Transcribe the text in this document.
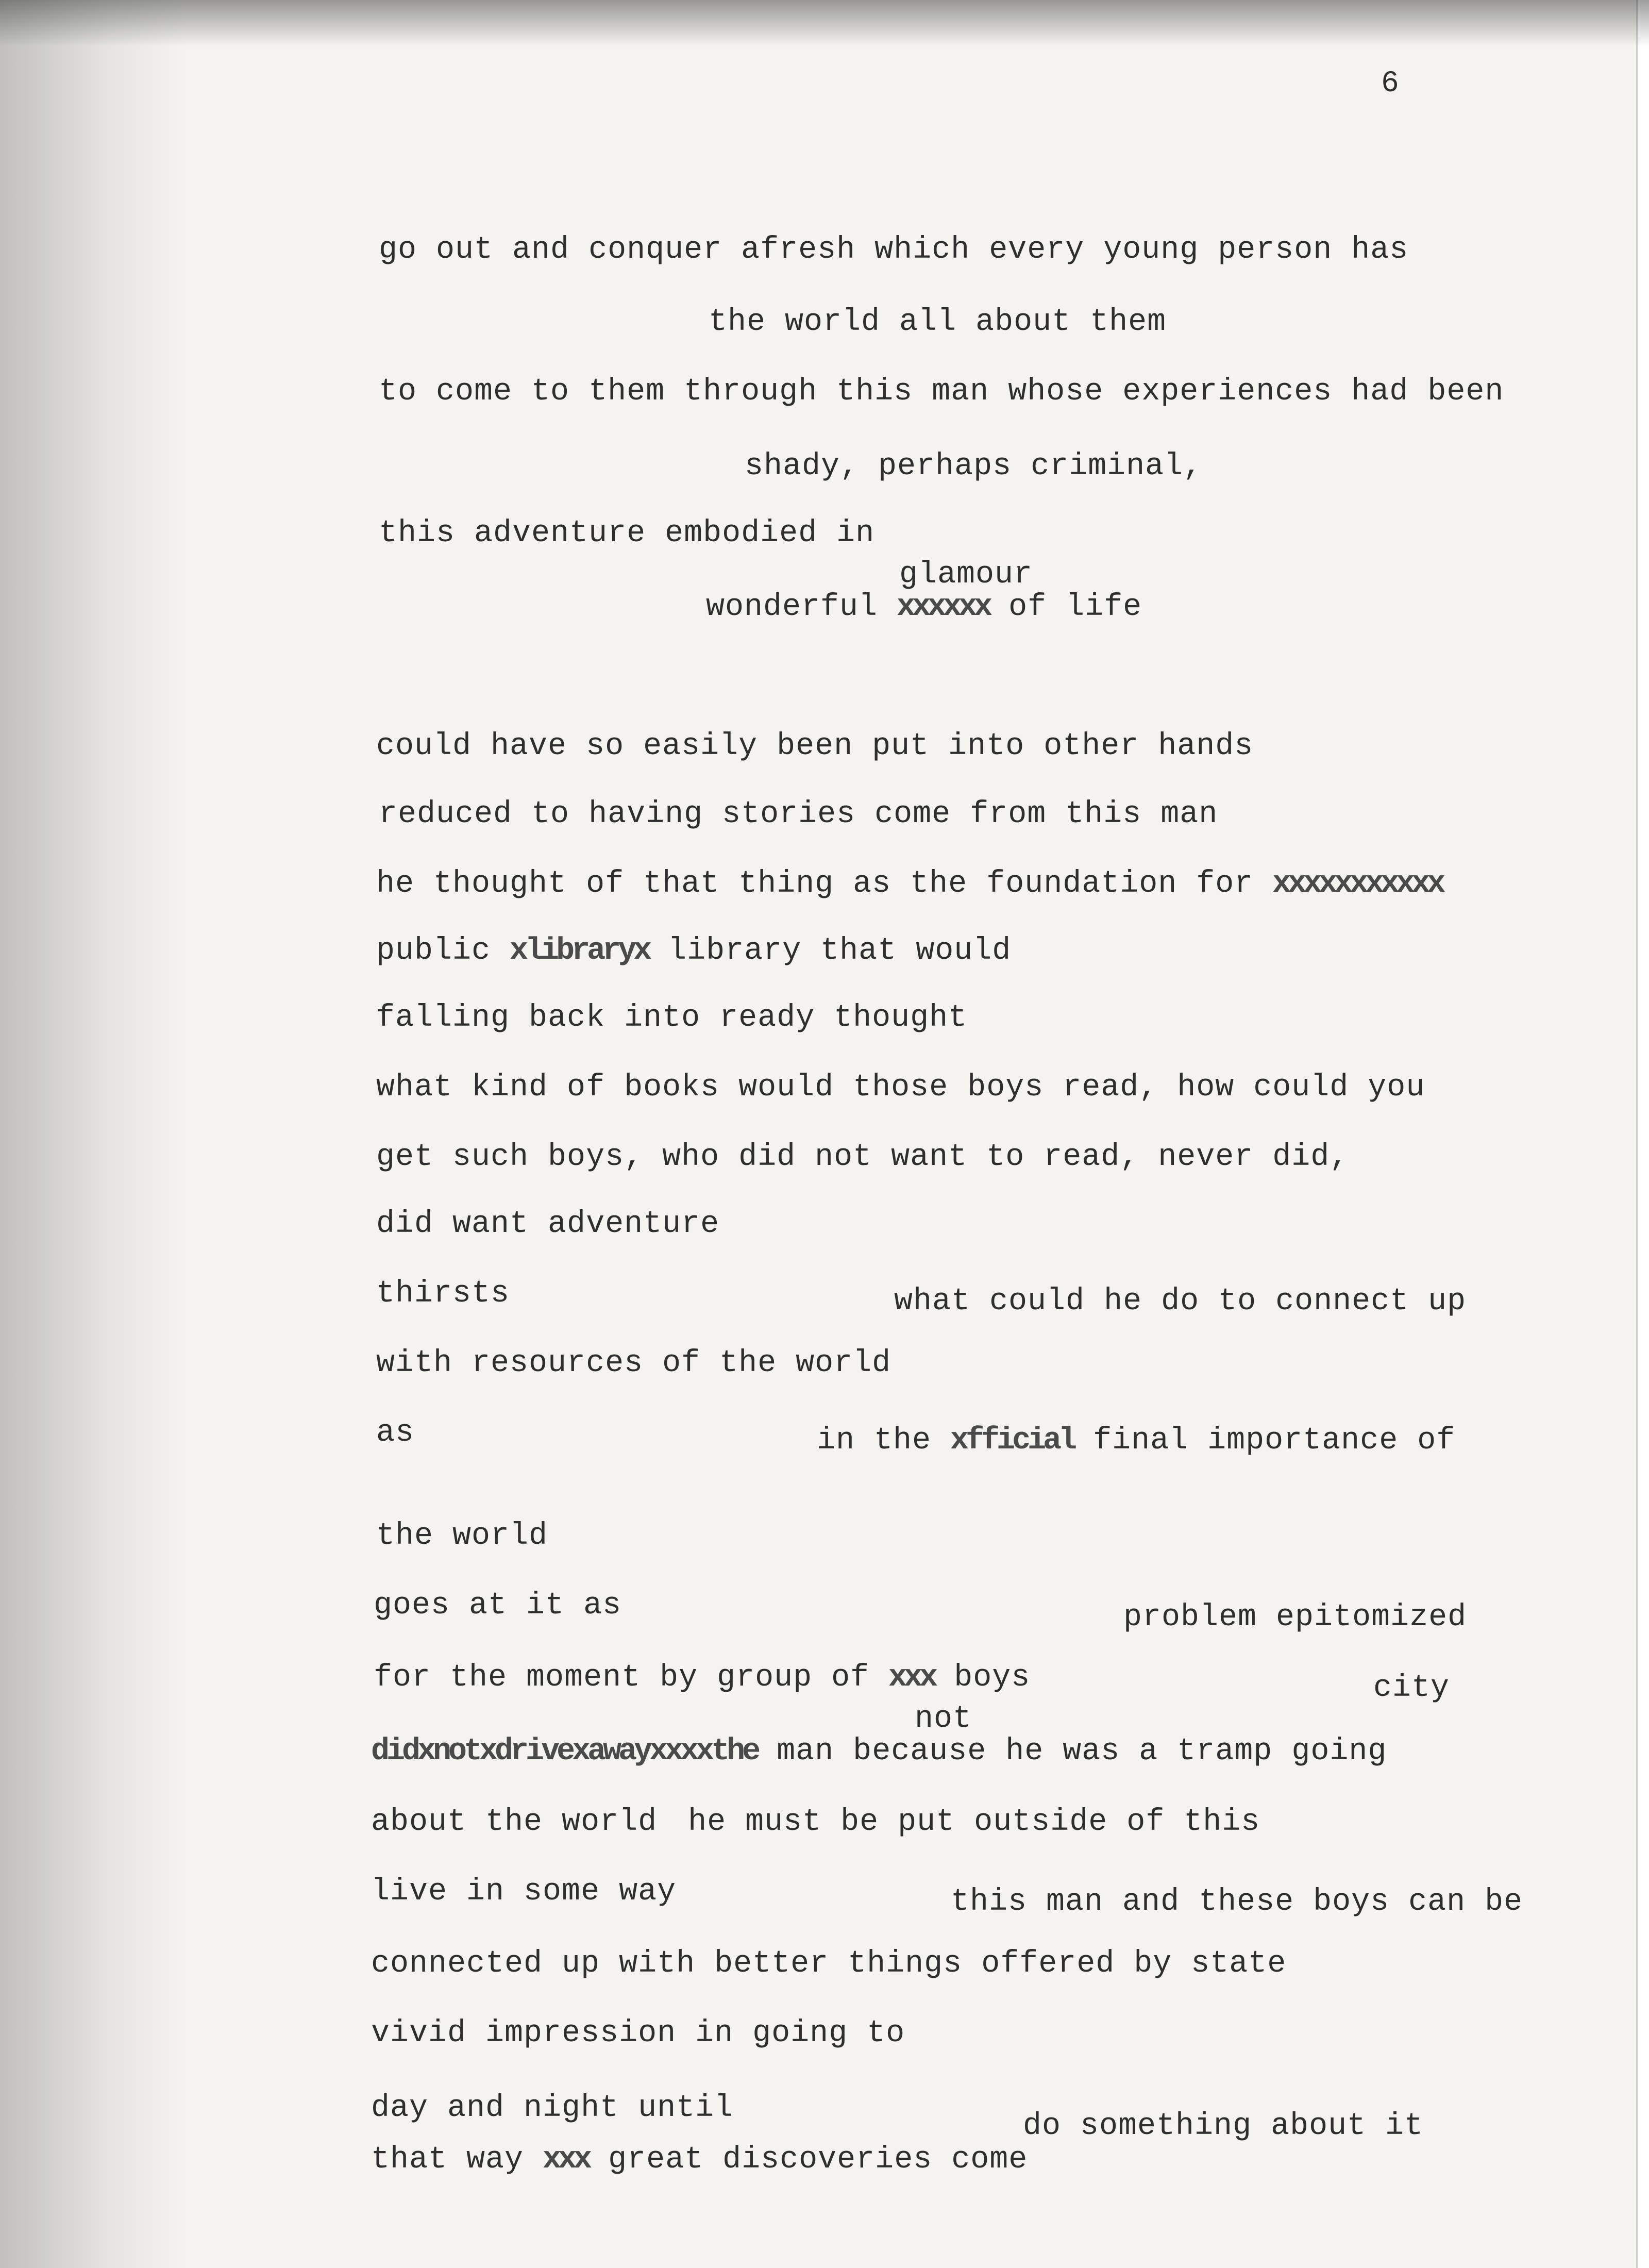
6
go out and conquer afresh which every young person has
the world all about them
to come to them through this man whose experiences had been
shady, perhaps criminal,
this adventure embodied in
glamour
wonderful xxxxxx of life
could have so easily been put into other hands
reduced to having stories come from this man
he thought of that thing as the foundation for xxxxxxxxxxx
public xlibraryx library that would
falling back into ready thought
what kind of books would those boys read, how could you
get such boys, who did not want to read, never did,
did want adventure
thirsts	what could he do to connect up
with resources of the world
as	in the xfficial final importance of
the world
goes at it as	problem epitomized
for the moment by group of xxx boys	city
not
didxnotxdrivexawayxxxxthe man because he was a tramp going
about the world he must be put outside of this
live in some way	this man and these boys can be
connected up with better things offered by state
vivid impression in going to
day and night until
do something about it
that way xxx great discoveries come
